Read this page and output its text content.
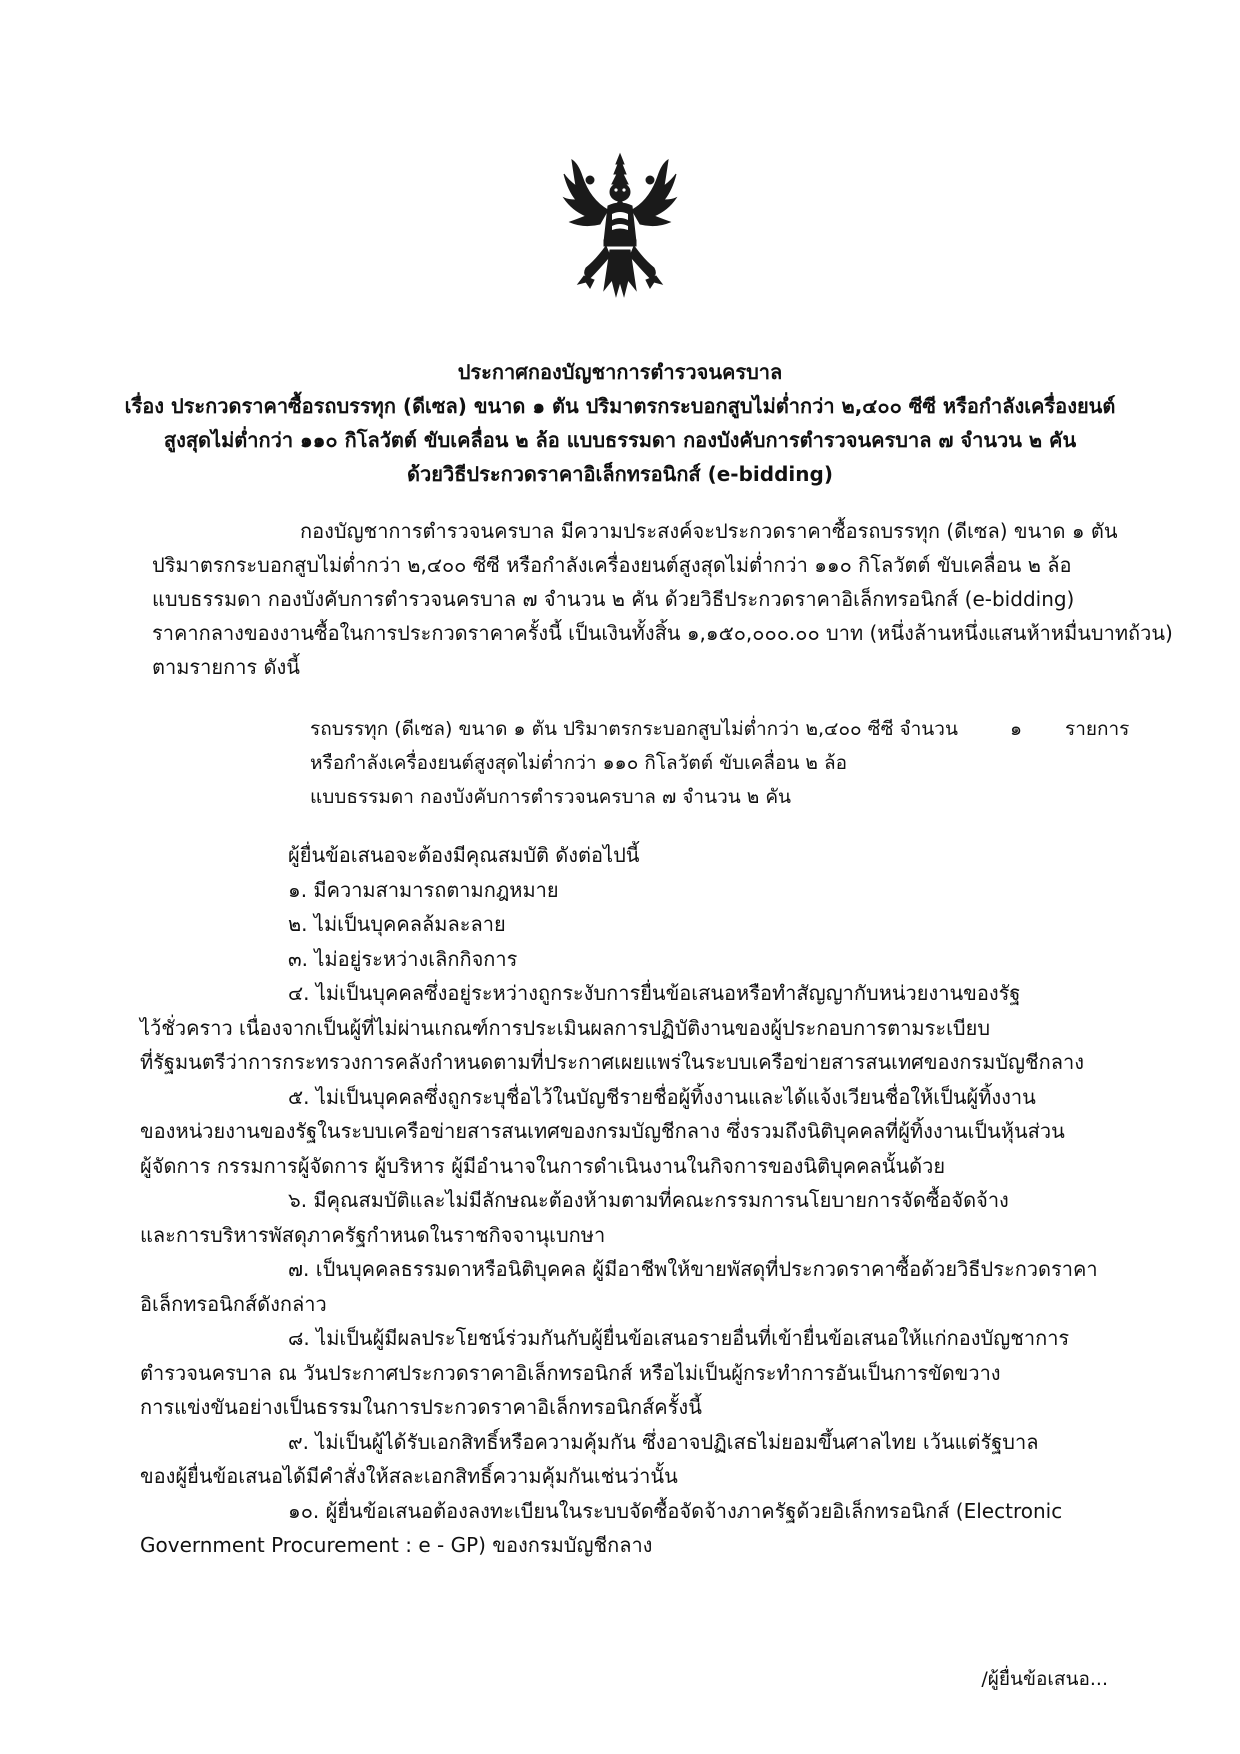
ประกาศกองบัญชาการตำรวจนครบาล
เรื่อง ประกวดราคาซื้อรถบรรทุก (ดีเซล) ขนาด ๑ ตัน ปริมาตรกระบอกสูบไม่ต่ำกว่า ๒,๔๐๐ ซีซี หรือกำลังเครื่องยนต์
สูงสุดไม่ต่ำกว่า ๑๑๐ กิโลวัตต์ ขับเคลื่อน ๒ ล้อ แบบธรรมดา กองบังคับการตำรวจนครบาล ๗ จำนวน ๒ คัน
ด้วยวิธีประกวดราคาอิเล็กทรอนิกส์ (e-bidding)
กองบัญชาการตำรวจนครบาล มีความประสงค์จะประกวดราคาซื้อรถบรรทุก (ดีเซล) ขนาด ๑ ตัน
ปริมาตรกระบอกสูบไม่ต่ำกว่า ๒,๔๐๐ ซีซี หรือกำลังเครื่องยนต์สูงสุดไม่ต่ำกว่า ๑๑๐ กิโลวัตต์ ขับเคลื่อน ๒ ล้อ
แบบธรรมดา กองบังคับการตำรวจนครบาล ๗ จำนวน ๒ คัน ด้วยวิธีประกวดราคาอิเล็กทรอนิกส์ (e-bidding)
ราคากลางของงานซื้อในการประกวดราคาครั้งนี้ เป็นเงินทั้งสิ้น ๑,๑๕๐,๐๐๐.๐๐ บาท (หนึ่งล้านหนึ่งแสนห้าหมื่นบาทถ้วน)
ตามรายการ ดังนี้
รถบรรทุก (ดีเซล) ขนาด ๑ ตัน ปริมาตรกระบอกสูบไม่ต่ำกว่า ๒,๔๐๐ ซีซี จำนวน	๑ รายการ
หรือกำลังเครื่องยนต์สูงสุดไม่ต่ำกว่า ๑๑๐ กิโลวัตต์ ขับเคลื่อน ๒ ล้อ
แบบธรรมดา กองบังคับการตำรวจนครบาล ๗ จำนวน ๒ คัน
ผู้ยื่นข้อเสนอจะต้องมีคุณสมบัติ ดังต่อไปนี้
๑. มีความสามารถตามกฎหมาย
๒. ไม่เป็นบุคคลล้มละลาย
๓. ไม่อยู่ระหว่างเลิกกิจการ
๔. ไม่เป็นบุคคลซึ่งอยู่ระหว่างถูกระงับการยื่นข้อเสนอหรือทำสัญญากับหน่วยงานของรัฐ
ไว้ชั่วคราว เนื่องจากเป็นผู้ที่ไม่ผ่านเกณฑ์การประเมินผลการปฏิบัติงานของผู้ประกอบการตามระเบียบ
ที่รัฐมนตรีว่าการกระทรวงการคลังกำหนดตามที่ประกาศเผยแพร่ในระบบเครือข่ายสารสนเทศของกรมบัญชีกลาง
๕. ไม่เป็นบุคคลซึ่งถูกระบุชื่อไว้ในบัญชีรายชื่อผู้ทิ้งงานและได้แจ้งเวียนชื่อให้เป็นผู้ทิ้งงาน
ของหน่วยงานของรัฐในระบบเครือข่ายสารสนเทศของกรมบัญชีกลาง ซึ่งรวมถึงนิติบุคคลที่ผู้ทิ้งงานเป็นหุ้นส่วน
ผู้จัดการ กรรมการผู้จัดการ ผู้บริหาร ผู้มีอำนาจในการดำเนินงานในกิจการของนิติบุคคลนั้นด้วย
๖. มีคุณสมบัติและไม่มีลักษณะต้องห้ามตามที่คณะกรรมการนโยบายการจัดซื้อจัดจ้าง
และการบริหารพัสดุภาครัฐกำหนดในราชกิจจานุเบกษา
๗. เป็นบุคคลธรรมดาหรือนิติบุคคล ผู้มีอาชีพให้ขายพัสดุที่ประกวดราคาซื้อด้วยวิธีประกวดราคา
อิเล็กทรอนิกส์ดังกล่าว
๘. ไม่เป็นผู้มีผลประโยชน์ร่วมกันกับผู้ยื่นข้อเสนอรายอื่นที่เข้ายื่นข้อเสนอให้แก่กองบัญชาการ
ตำรวจนครบาล ณ วันประกาศประกวดราคาอิเล็กทรอนิกส์ หรือไม่เป็นผู้กระทำการอันเป็นการขัดขวาง
การแข่งขันอย่างเป็นธรรมในการประกวดราคาอิเล็กทรอนิกส์ครั้งนี้
๙. ไม่เป็นผู้ได้รับเอกสิทธิ์หรือความคุ้มกัน ซึ่งอาจปฏิเสธไม่ยอมขึ้นศาลไทย เว้นแต่รัฐบาล
ของผู้ยื่นข้อเสนอได้มีคำสั่งให้สละเอกสิทธิ์ความคุ้มกันเช่นว่านั้น
๑๐. ผู้ยื่นข้อเสนอต้องลงทะเบียนในระบบจัดซื้อจัดจ้างภาครัฐด้วยอิเล็กทรอนิกส์ (Electronic
Government Procurement : e - GP) ของกรมบัญชีกลาง
/ผู้ยื่นข้อเสนอ...
